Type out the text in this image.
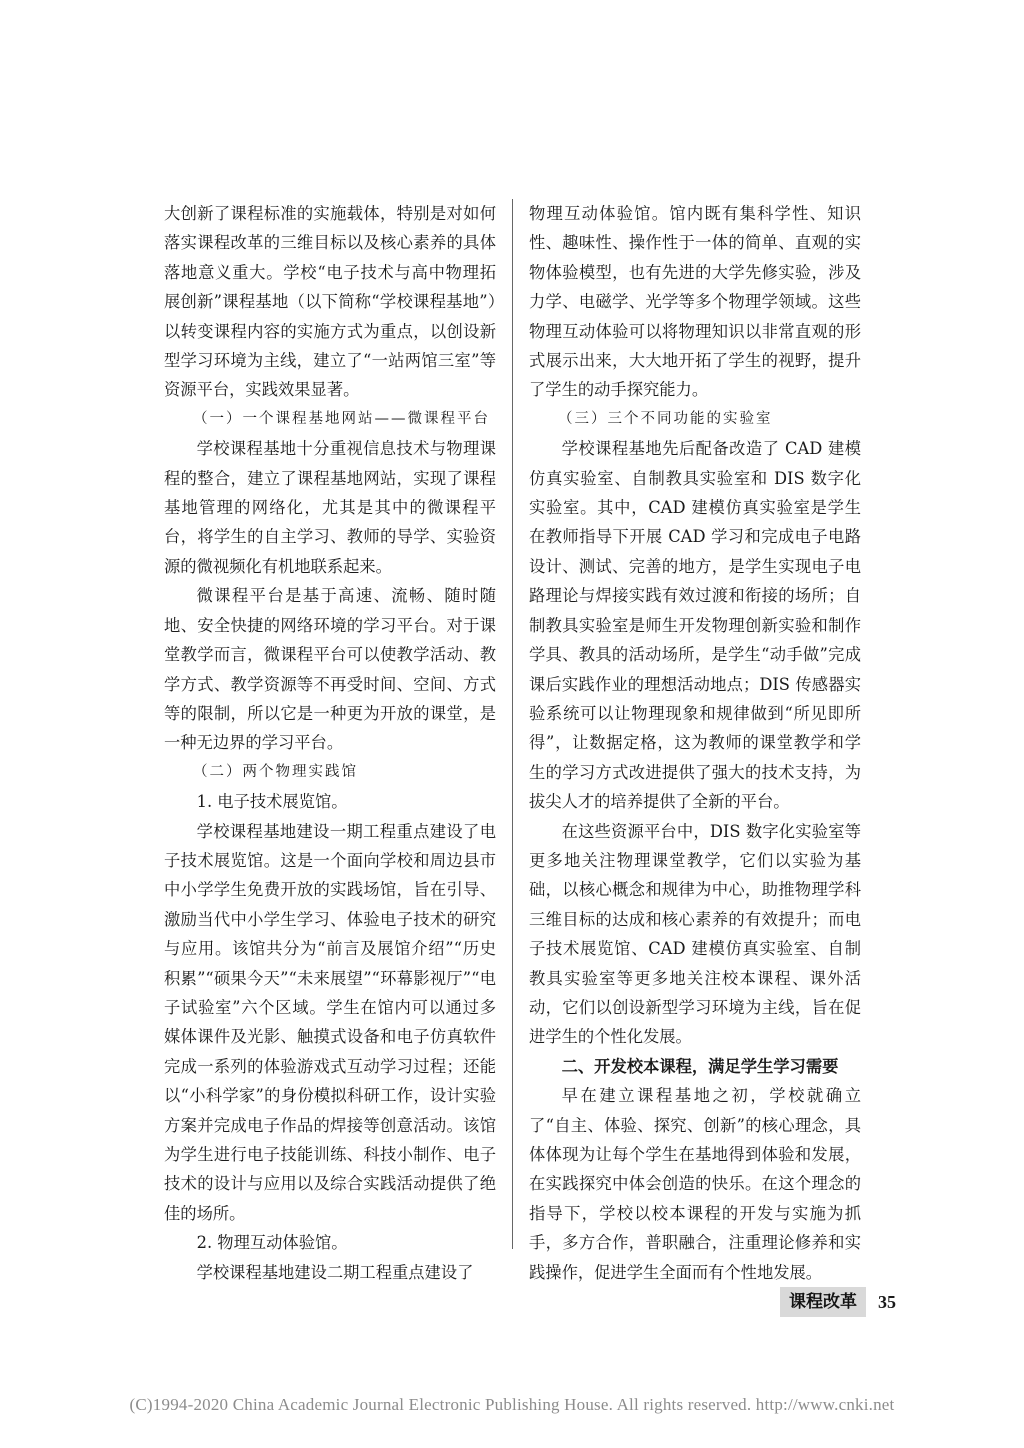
大创新了课程标准的实施载体，特别是对如何落实课程改革的三维目标以及核心素养的具体落地意义重大。学校“电子技术与高中物理拓展创新”课程基地（以下简称“学校课程基地”）以转变课程内容的实施方式为重点，以创设新型学习环境为主线，建立了“一站两馆三室”等资源平台，实践效果显著。

（一）一个课程基地网站——微课程平台

学校课程基地十分重视信息技术与物理课程的整合，建立了课程基地网站，实现了课程基地管理的网络化，尤其是其中的微课程平台，将学生的自主学习、教师的导学、实验资源的微视频化有机地联系起来。

微课程平台是基于高速、流畅、随时随地、安全快捷的网络环境的学习平台。对于课堂教学而言，微课程平台可以使教学活动、教学方式、教学资源等不再受时间、空间、方式等的限制，所以它是一种更为开放的课堂，是一种无边界的学习平台。

（二）两个物理实践馆

1. 电子技术展览馆。

学校课程基地建设一期工程重点建设了电子技术展览馆。这是一个面向学校和周边县市中小学学生免费开放的实践场馆，旨在引导、激励当代中小学生学习、体验电子技术的研究与应用。该馆共分为“前言及展馆介绍”“历史积累”“硕果今天”“未来展望”“环幕影视厅”“电子试验室”六个区域。学生在馆内可以通过多媒体课件及光影、触摸式设备和电子仿真软件完成一系列的体验游戏式互动学习过程；还能以“小科学家”的身份模拟科研工作，设计实验方案并完成电子作品的焊接等创意活动。该馆为学生进行电子技能训练、科技小制作、电子技术的设计与应用以及综合实践活动提供了绝佳的场所。

2. 物理互动体验馆。

学校课程基地建设二期工程重点建设了

物理互动体验馆。馆内既有集科学性、知识性、趣味性、操作性于一体的简单、直观的实物体验模型，也有先进的大学先修实验，涉及力学、电磁学、光学等多个物理学领域。这些物理互动体验可以将物理知识以非常直观的形式展示出来，大大地开拓了学生的视野，提升了学生的动手探究能力。

（三）三个不同功能的实验室

学校课程基地先后配备改造了 CAD 建模仿真实验室、自制教具实验室和 DIS 数字化实验室。其中，CAD 建模仿真实验室是学生在教师指导下开展 CAD 学习和完成电子电路设计、测试、完善的地方，是学生实现电子电路理论与焊接实践有效过渡和衔接的场所；自制教具实验室是师生开发物理创新实验和制作学具、教具的活动场所，是学生“动手做”完成课后实践作业的理想活动地点；DIS 传感器实验系统可以让物理现象和规律做到“所见即所得”，让数据定格，这为教师的课堂教学和学生的学习方式改进提供了强大的技术支持，为拔尖人才的培养提供了全新的平台。

在这些资源平台中，DIS 数字化实验室等更多地关注物理课堂教学，它们以实验为基础，以核心概念和规律为中心，助推物理学科三维目标的达成和核心素养的有效提升；而电子技术展览馆、CAD 建模仿真实验室、自制教具实验室等更多地关注校本课程、课外活动，它们以创设新型学习环境为主线，旨在促进学生的个性化发展。

二、开发校本课程，满足学生学习需要

早在建立课程基地之初，学校就确立了“自主、体验、探究、创新”的核心理念，具体体现为让每个学生在基地得到体验和发展，在实践探究中体会创造的快乐。在这个理念的指导下，学校以校本课程的开发与实施为抓手，多方合作，普职融合，注重理论修养和实践操作，促进学生全面而有个性地发展。

课程改革	35
(C)1994-2020 China Academic Journal Electronic Publishing House. All rights reserved. http://www.cnki.net
